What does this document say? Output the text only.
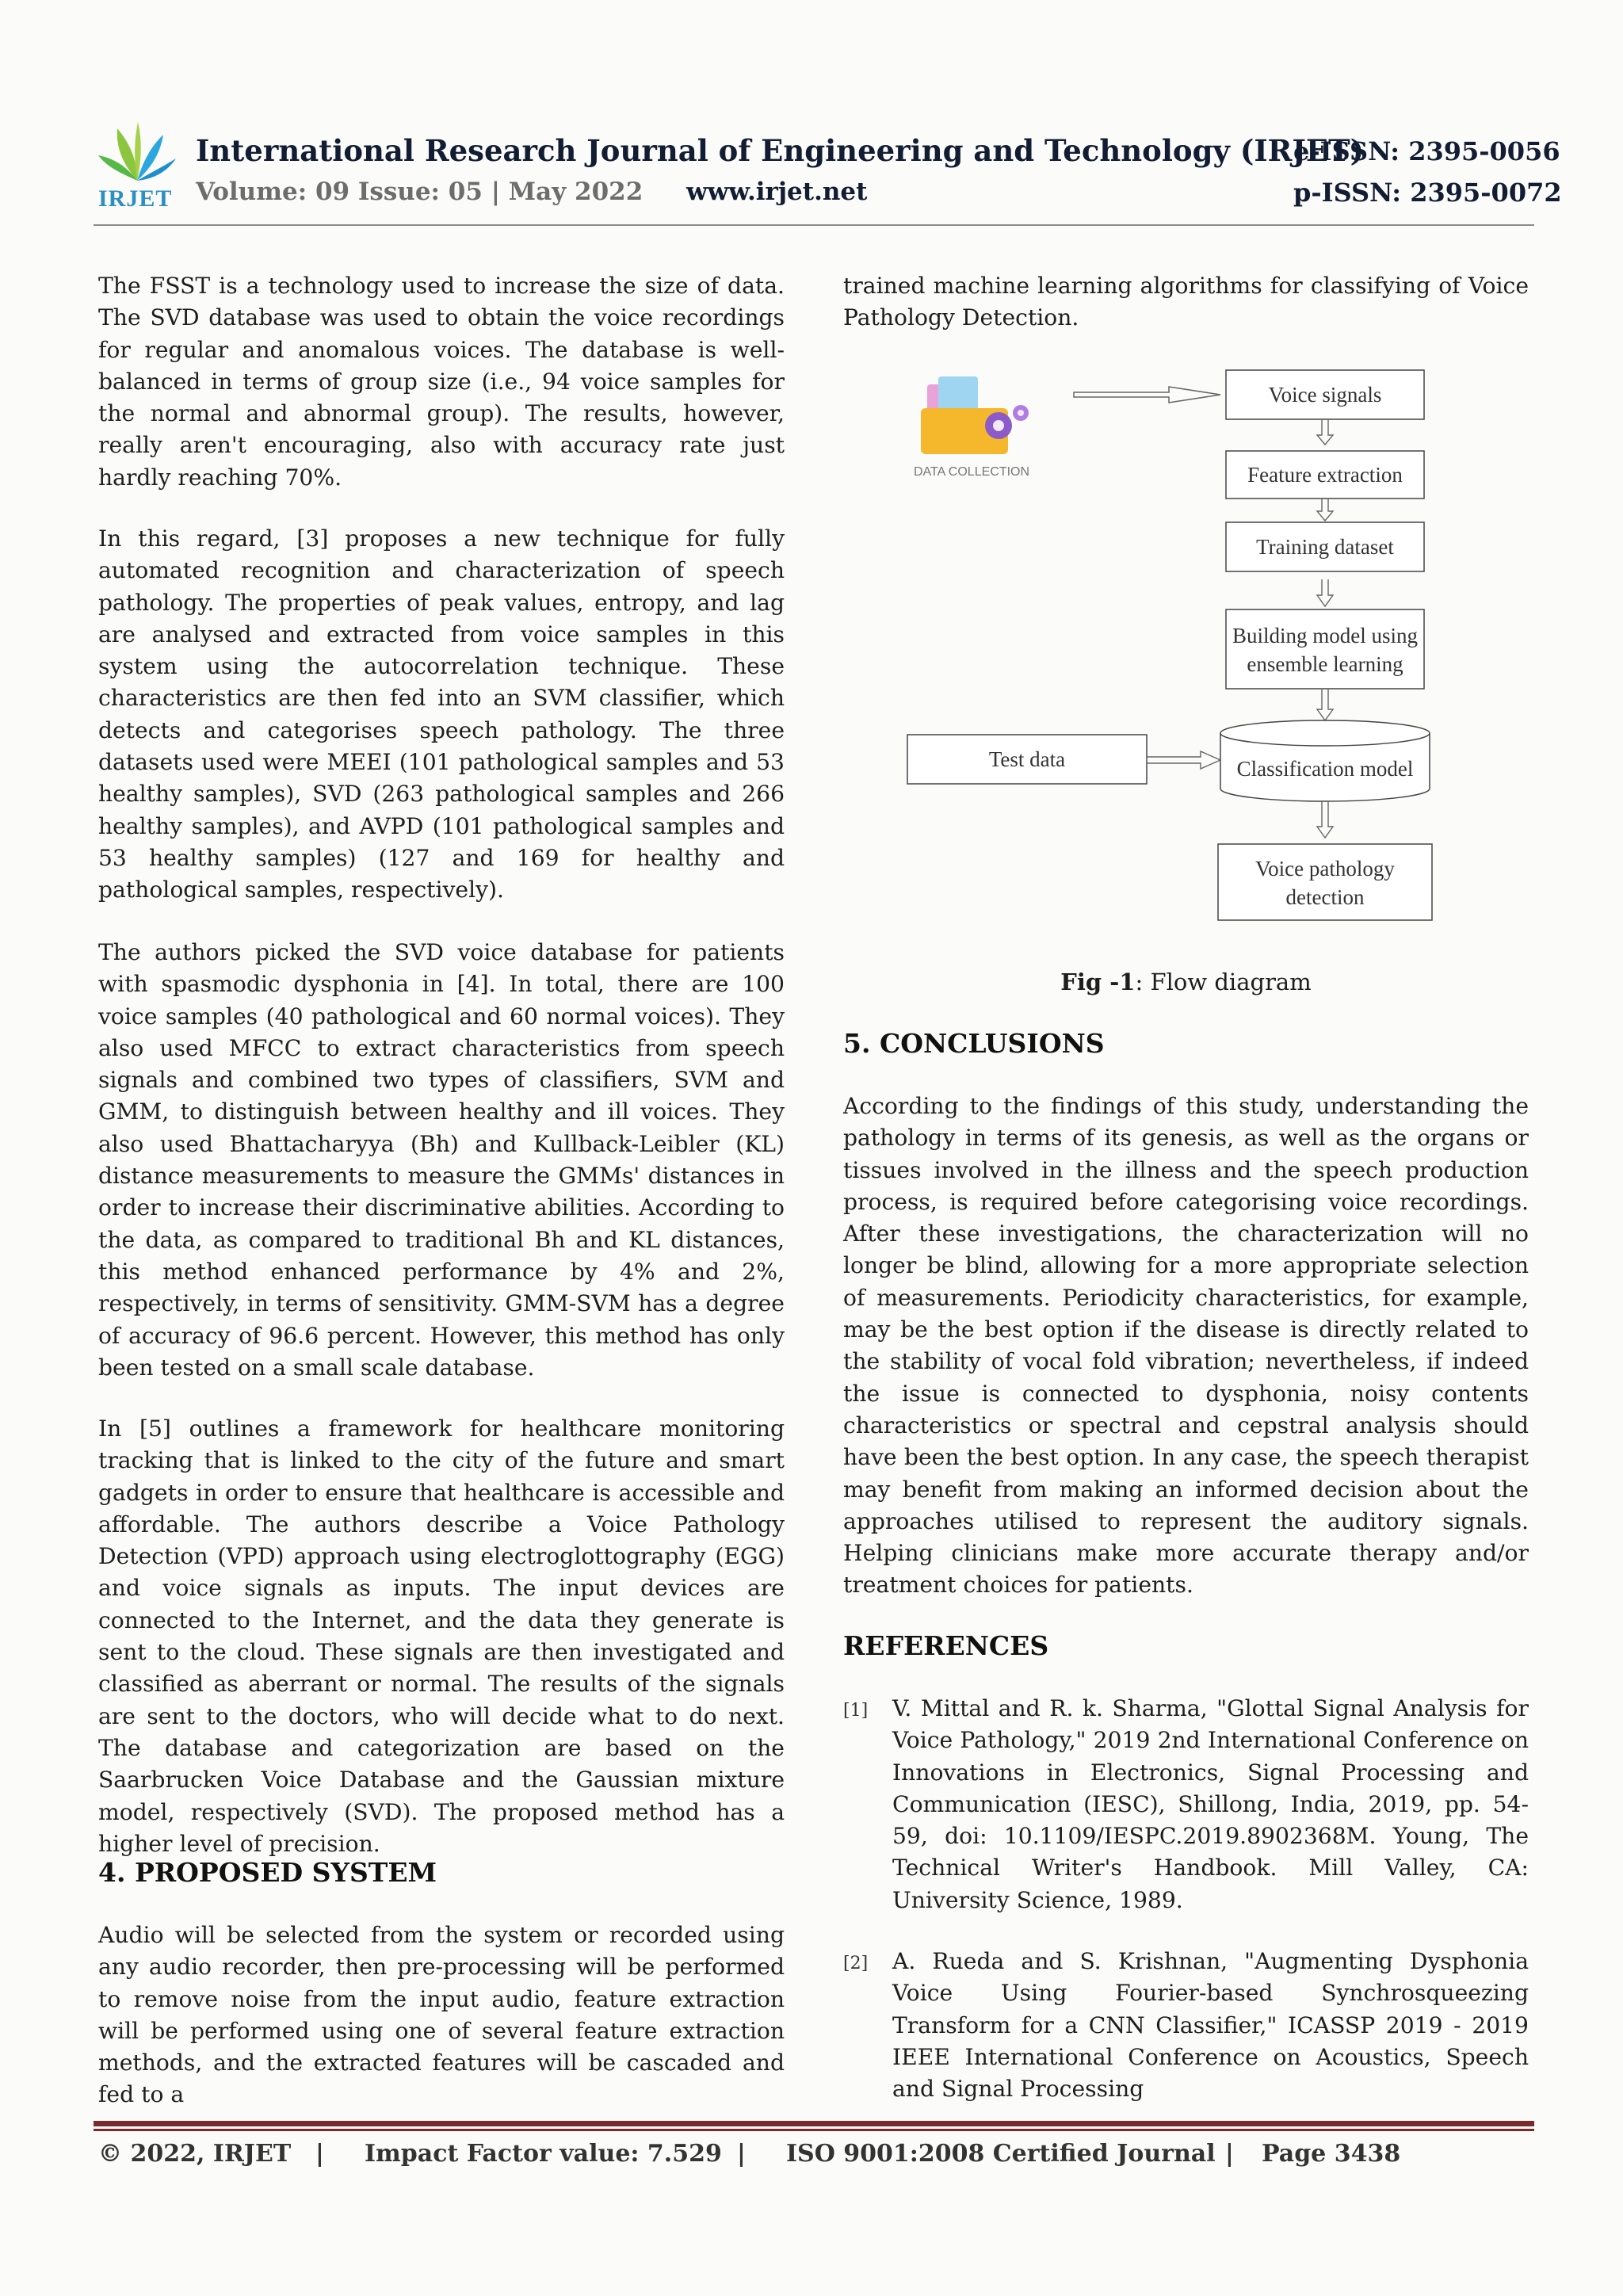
IRJET
International Research Journal of Engineering and Technology (IRJET)
e-ISSN: 2395-0056
Volume: 09 Issue: 05 | May 2022 www.irjet.net	p-ISSN: 2395-0072
The FSST is a technology used to increase the size of data. The SVD database was used to obtain the voice recordings for regular and anomalous voices. The database is well-balanced in terms of group size (i.e., 94 voice samples for the normal and abnormal group). The results, however, really aren't encouraging, also with accuracy rate just hardly reaching 70%.
In this regard, [3] proposes a new technique for fully automated recognition and characterization of speech pathology. The properties of peak values, entropy, and lag are analysed and extracted from voice samples in this system using the autocorrelation technique. These characteristics are then fed into an SVM classifier, which detects and categorises speech pathology. The three datasets used were MEEI (101 pathological samples and 53 healthy samples), SVD (263 pathological samples and 266 healthy samples), and AVPD (101 pathological samples and 53 healthy samples) (127 and 169 for healthy and pathological samples, respectively).
The authors picked the SVD voice database for patients with spasmodic dysphonia in [4]. In total, there are 100 voice samples (40 pathological and 60 normal voices). They also used MFCC to extract characteristics from speech signals and combined two types of classifiers, SVM and GMM, to distinguish between healthy and ill voices. They also used Bhattacharyya (Bh) and Kullback-Leibler (KL) distance measurements to measure the GMMs' distances in order to increase their discriminative abilities. According to the data, as compared to traditional Bh and KL distances, this method enhanced performance by 4% and 2%, respectively, in terms of sensitivity. GMM-SVM has a degree of accuracy of 96.6 percent. However, this method has only been tested on a small scale database.
In [5] outlines a framework for healthcare monitoring tracking that is linked to the city of the future and smart gadgets in order to ensure that healthcare is accessible and affordable. The authors describe a Voice Pathology Detection (VPD) approach using electroglottography (EGG) and voice signals as inputs. The input devices are connected to the Internet, and the data they generate is sent to the cloud. These signals are then investigated and classified as aberrant or normal. The results of the signals are sent to the doctors, who will decide what to do next. The database and categorization are based on the Saarbrucken Voice Database and the Gaussian mixture model, respectively (SVD). The proposed method has a higher level of precision.
4. PROPOSED SYSTEM
Audio will be selected from the system or recorded using any audio recorder, then pre-processing will be performed to remove noise from the input audio, feature extraction will be performed using one of several feature extraction methods, and the extracted features will be cascaded and fed to a
trained machine learning algorithms for classifying of Voice Pathology Detection.
DATA COLLECTION
Voice signals
Feature extraction
Training dataset
Building model using
ensemble learning
Test data	Classification model
Voice pathology
detection
Fig -1: Flow diagram
5. CONCLUSIONS
According to the findings of this study, understanding the pathology in terms of its genesis, as well as the organs or tissues involved in the illness and the speech production process, is required before categorising voice recordings. After these investigations, the characterization will no longer be blind, allowing for a more appropriate selection of measurements. Periodicity characteristics, for example, may be the best option if the disease is directly related to the stability of vocal fold vibration; nevertheless, if indeed the issue is connected to dysphonia, noisy contents characteristics or spectral and cepstral analysis should have been the best option. In any case, the speech therapist may benefit from making an informed decision about the approaches utilised to represent the auditory signals. Helping clinicians make more accurate therapy and/or treatment choices for patients.
REFERENCES
[1] V. Mittal and R. k. Sharma, "Glottal Signal Analysis for Voice Pathology," 2019 2nd International Conference on Innovations in Electronics, Signal Processing and Communication (IESC), Shillong, India, 2019, pp. 54-59, doi: 10.1109/IESPC.2019.8902368M. Young, The Technical Writer's Handbook. Mill Valley, CA: University Science, 1989.
[2] A. Rueda and S. Krishnan, "Augmenting Dysphonia Voice Using Fourier-based Synchrosqueezing Transform for a CNN Classifier," ICASSP 2019 - 2019 IEEE International Conference on Acoustics, Speech and Signal Processing
© 2022, IRJET | Impact Factor value: 7.529 | ISO 9001:2008 Certified Journal | Page 3438
